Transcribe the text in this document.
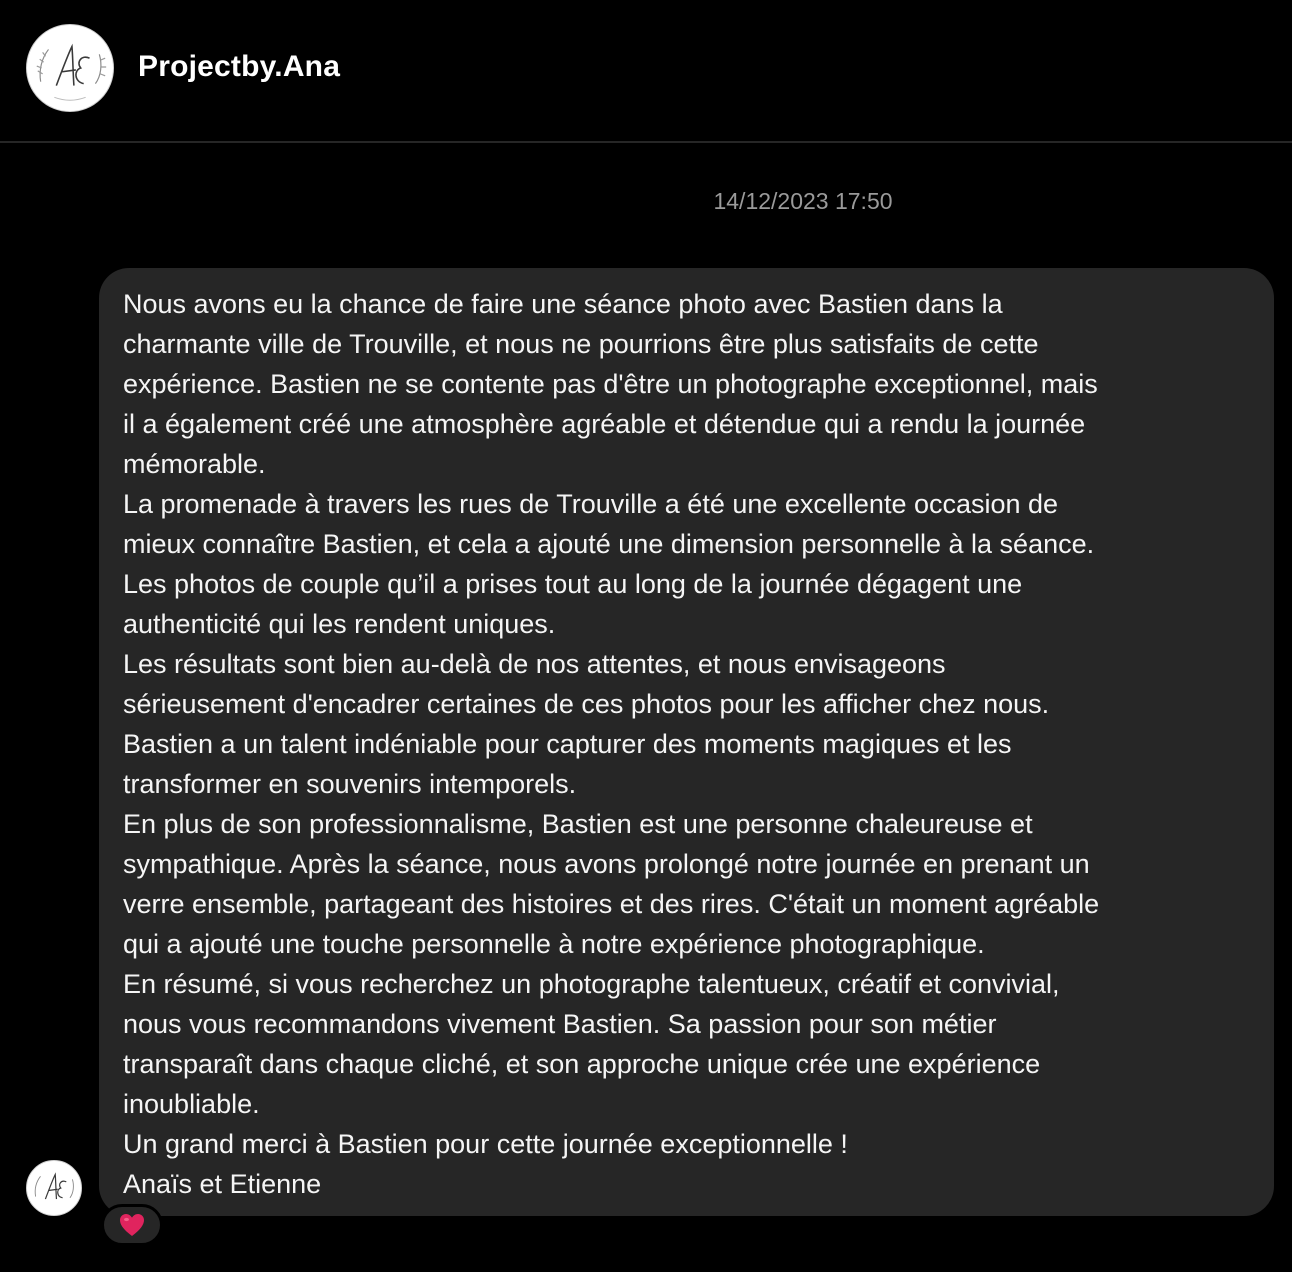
Projectby.Ana
14/12/2023 17:50
Nous avons eu la chance de faire une séance photo avec Bastien dans la
charmante ville de Trouville, et nous ne pourrions être plus satisfaits de cette
expérience. Bastien ne se contente pas d'être un photographe exceptionnel, mais
il a également créé une atmosphère agréable et détendue qui a rendu la journée
mémorable.
La promenade à travers les rues de Trouville a été une excellente occasion de
mieux connaître Bastien, et cela a ajouté une dimension personnelle à la séance.
Les photos de couple qu’il a prises tout au long de la journée dégagent une
authenticité qui les rendent uniques.
Les résultats sont bien au-delà de nos attentes, et nous envisageons
sérieusement d'encadrer certaines de ces photos pour les afficher chez nous.
Bastien a un talent indéniable pour capturer des moments magiques et les
transformer en souvenirs intemporels.
En plus de son professionnalisme, Bastien est une personne chaleureuse et
sympathique. Après la séance, nous avons prolongé notre journée en prenant un
verre ensemble, partageant des histoires et des rires. C'était un moment agréable
qui a ajouté une touche personnelle à notre expérience photographique.
En résumé, si vous recherchez un photographe talentueux, créatif et convivial,
nous vous recommandons vivement Bastien. Sa passion pour son métier
transparaît dans chaque cliché, et son approche unique crée une expérience
inoubliable.
Un grand merci à Bastien pour cette journée exceptionnelle !
Anaïs et Etienne
